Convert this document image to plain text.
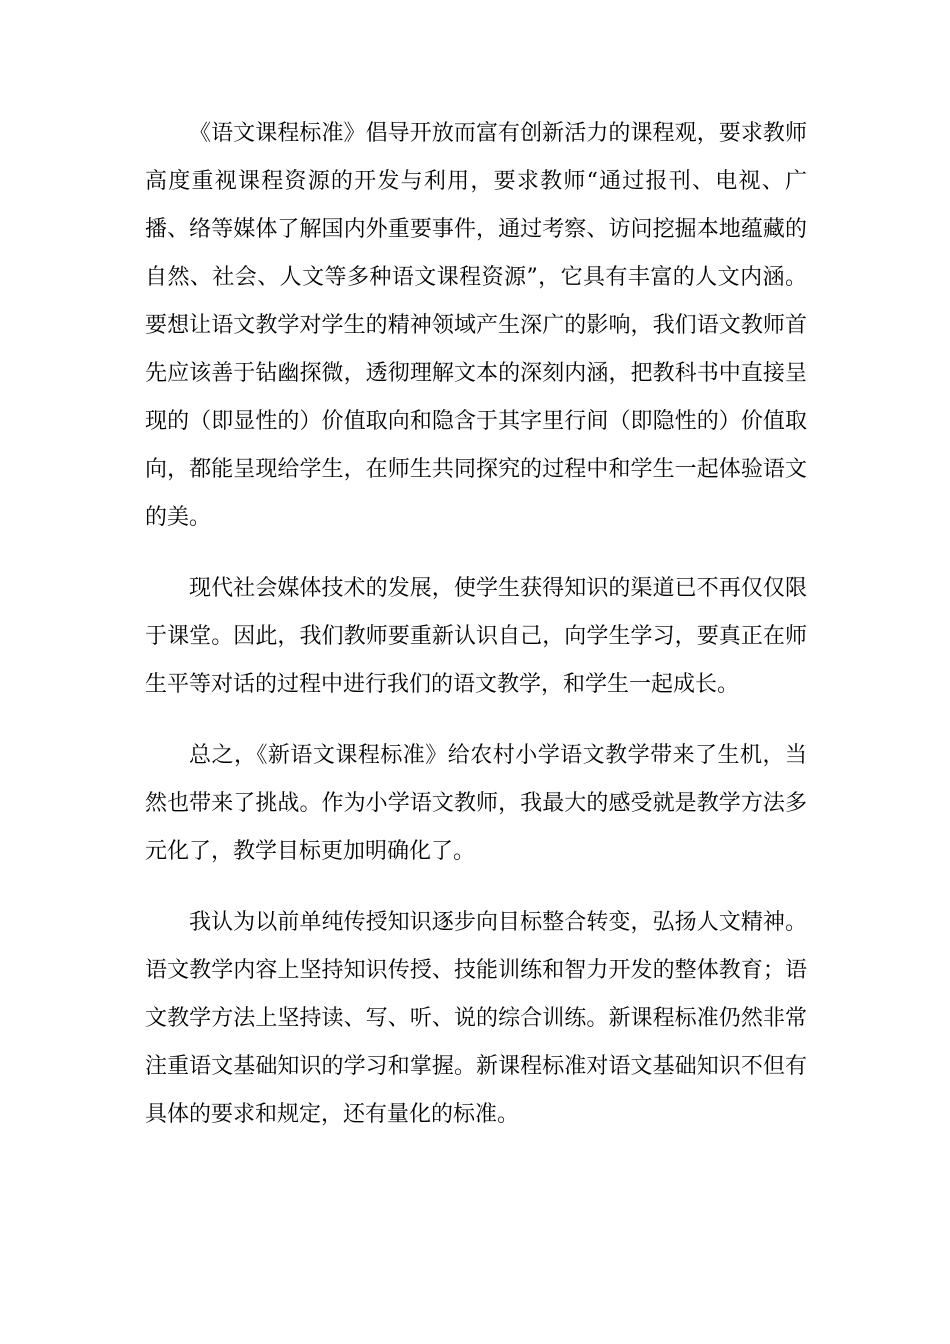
《语文课程标准》倡导开放而富有创新活力的课程观，要求教师高度重视课程资源的开发与利用，要求教师“通过报刊、电视、广播、络等媒体了解国内外重要事件，通过考察、访问挖掘本地蕴藏的自然、社会、人文等多种语文课程资源”，它具有丰富的人文内涵。要想让语文教学对学生的精神领域产生深广的影响，我们语文教师首先应该善于钻幽探微，透彻理解文本的深刻内涵，把教科书中直接呈现的（即显性的）价值取向和隐含于其字里行间（即隐性的）价值取向，都能呈现给学生，在师生共同探究的过程中和学生一起体验语文的美。

现代社会媒体技术的发展，使学生获得知识的渠道已不再仅仅限于课堂。因此，我们教师要重新认识自己，向学生学习，要真正在师生平等对话的过程中进行我们的语文教学，和学生一起成长。

总之，《新语文课程标准》给农村小学语文教学带来了生机，当然也带来了挑战。作为小学语文教师，我最大的感受就是教学方法多元化了，教学目标更加明确化了。

我认为以前单纯传授知识逐步向目标整合转变，弘扬人文精神。语文教学内容上坚持知识传授、技能训练和智力开发的整体教育；语文教学方法上坚持读、写、听、说的综合训练。新课程标准仍然非常注重语文基础知识的学习和掌握。新课程标准对语文基础知识不但有具体的要求和规定，还有量化的标准。
